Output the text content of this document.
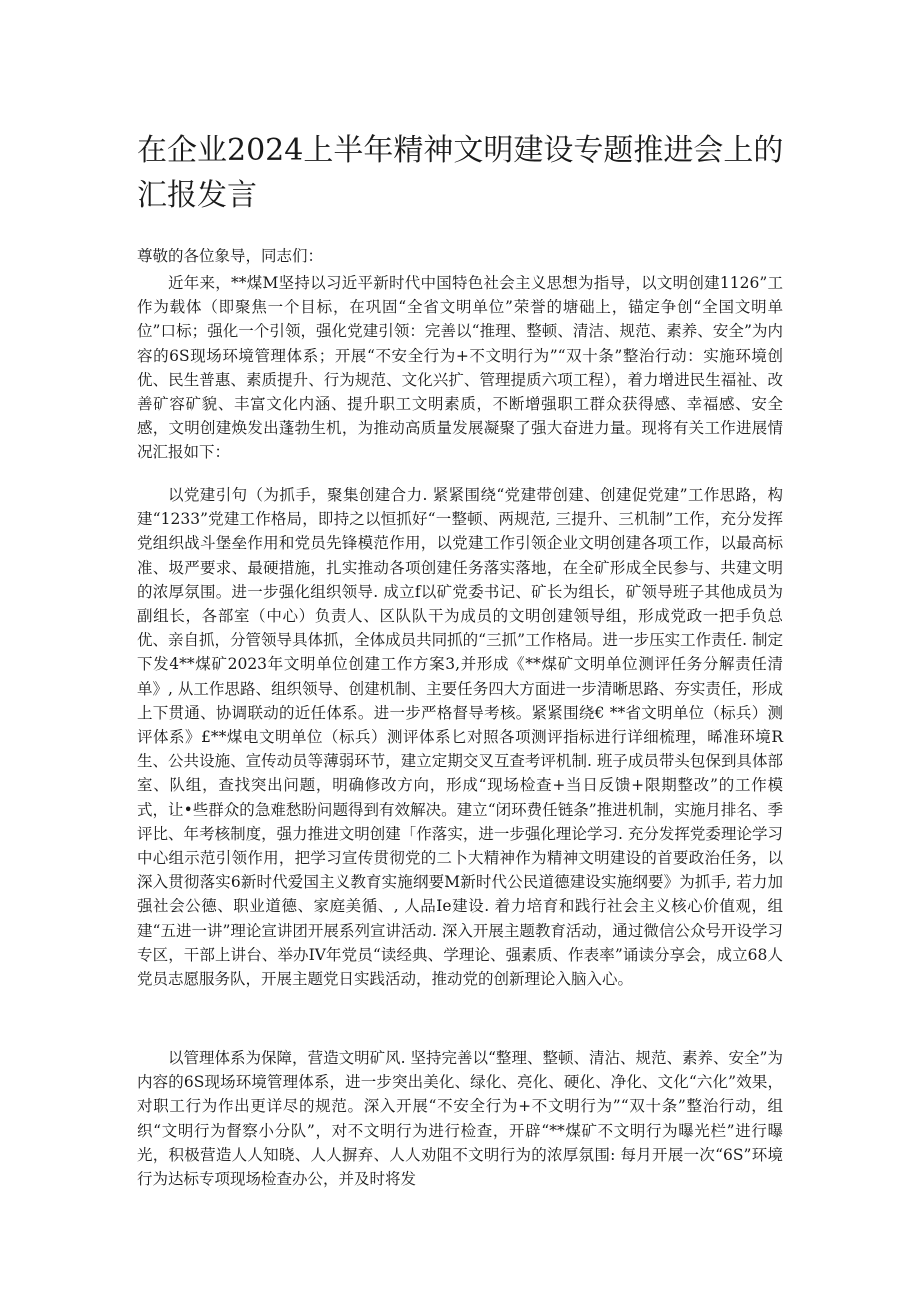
在企业2024上半年精神文明建设专题推进会上的汇报发言

尊敬的各位象导，同志们：

近年来，**煤M坚持以习近平新时代中国特色社会主义思想为指导，以文明创建1126”工作为载体（即聚焦一个目标，在巩固“全省文明单位”荣誉的塘础上，锚定争创“全国文明单位”口标；强化一个引领，强化党建引领：完善以“推理、整顿、清洁、规范、素养、安全”为内容的6S现场环境管理体系；开展“不安全行为+不文明行为”“双十条”整治行动：实施环境创优、民生普惠、素质提升、行为规范、文化兴扩、管理提质六项工程），着力增进民生福祉、改善矿容矿貌、丰富文化内涵、提升职工文明素质，不断增强职工群众获得感、幸福感、安全感，文明创建焕发出蓬勃生机，为推动高质量发展凝聚了强大奋进力量。现将有关工作进展情况汇报如下：

以党建引句（为抓手，聚集创建合力. 紧紧围绕“党建带创建、创建促党建”工作思路，构建“1233”党建工作格局，即持之以恒抓好“一整顿、两规范, 三提升、三机制”工作，充分发挥党组织战斗堡垒作用和党员先锋模范作用，以党建工作引领企业文明创建各项工作，以最高标准、圾严要求、最硬措施，扎实推动各项创建任务落实落地，在全矿形成全民参与、共建文明的浓厚氛围。进一步强化组织领导. 成立f以矿党委书记、矿长为组长，矿领导班子其他成员为副组长，各部室（中心）负责人、区队队干为成员的文明创建领导组，形成党政一把手负总优、亲自抓，分管领导具体抓，全体成员共同抓的“三抓”工作格局。进一步压实工作责任. 制定下发4**煤矿2023年文明单位创建工作方案3,并形成《**煤矿文明单位测评任务分解责任清单》, 从工作思路、组织领导、创建机制、主要任务四大方面进一步清晰思路、夯实责任，形成上下贯通、协调联动的近任体系。进一步严格督导考核。紧紧围绕€ **省文明单位（标兵）测评体系》£**煤电文明单位（标兵）测评体系匕对照各项测评指标进行详细梳理，晞准环境R生、公共设施、宣传动员等薄弱环节，建立定期交叉互查考评机制. 班子成员带头包保到具体部室、队组，查找突出问题，明确修改方向，形成“现场检查+当日反馈+限期整改”的工作模式，让•些群众的急难愁盼问题得到有效解决。建立“闭环费任链条”推进机制，实施月排名、季评比、年考核制度，强力推进文明创建「作落实，进一步强化理论学习. 充分发挥党委理论学习中心组示范引领作用，把学习宣传贯彻党的二卜大精神作为精神文明建设的首要政治任务，以深入贯彻落实6新时代爱国主义教育实施纲要M新时代公民道德建设实施纲要》为抓手, 若力加强社会公德、职业道德、家庭美循、, 人品Ie建设. 着力培育和践行社会主义核心价值观，组建“五进一讲”理论宣讲团开展系列宣讲活动. 深入开展主题教育活动，通过微信公众号开设学习专区，干部上讲台、举办IV年党员“读经典、学理论、强素质、作表率”诵读分享会，成立68人党员志愿服务队，开展主题党日实践活动，推动党的创新理论入脑入心。

以管理体系为保障，营造文明矿风. 坚持完善以“整理、整顿、清沾、规范、素养、安全”为内容的6S现场环境管理体系，进一步突出美化、绿化、亮化、硬化、净化、文化“六化”效果，对职工行为作出更详尽的规范。深入开展“不安全行为+不文明行为”“双十条”整治行动，组织“文明行为督察小分队”，对不文明行为进行检查，开辟“**煤矿不文明行为曝光栏”进行曝光，积极营造人人知晓、人人摒弃、人人劝阻不文明行为的浓厚氛围: 每月开展一次“6S”环境行为达标专项现场检查办公，并及时将发
